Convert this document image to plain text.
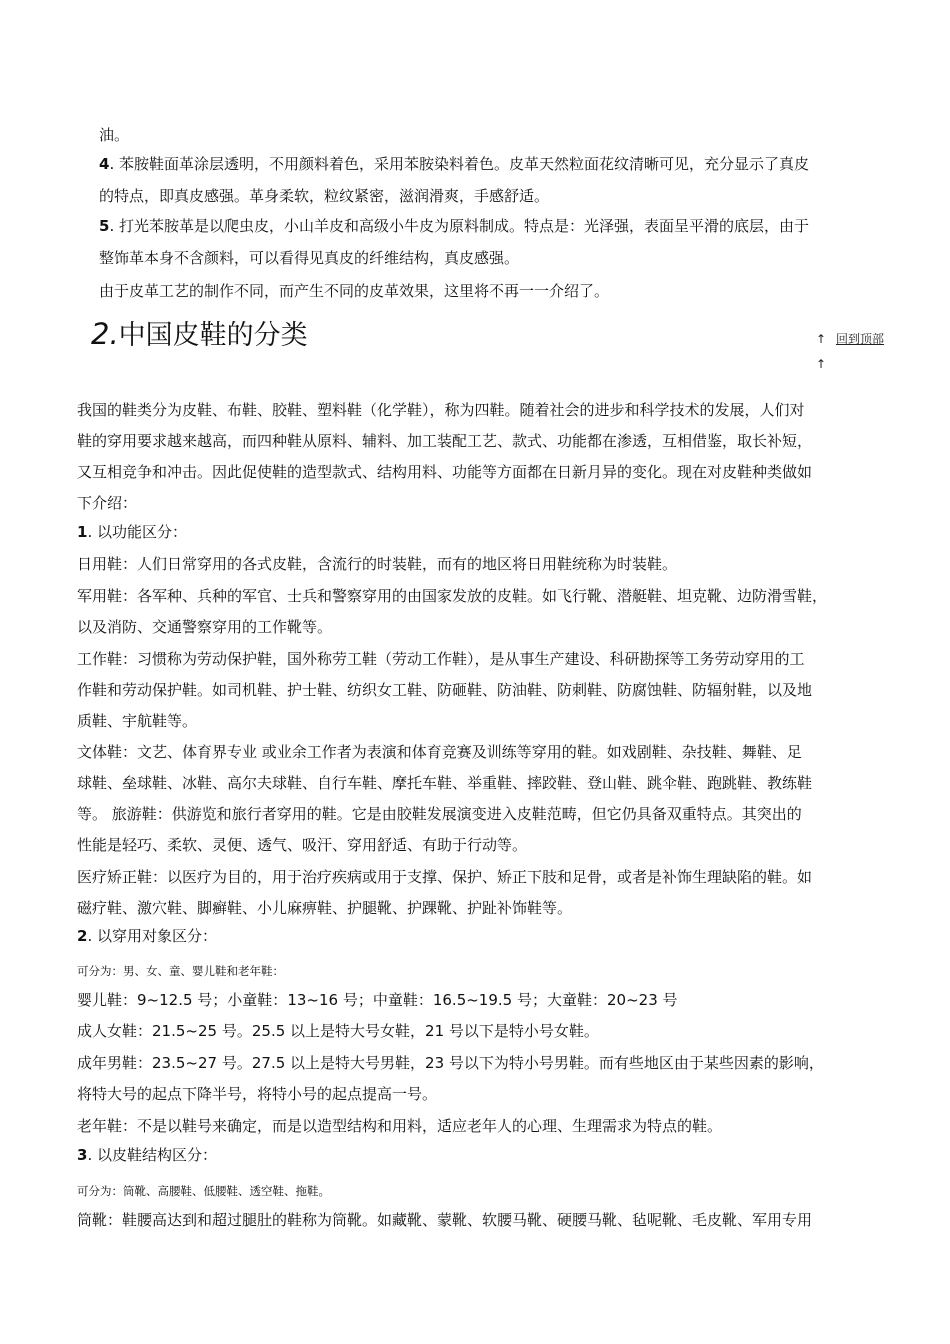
油。

4. 苯胺鞋面革涂层透明，不用颜料着色，采用苯胺染料着色。皮革天然粒面花纹清晰可见，充分显示了真皮

的特点，即真皮感强。革身柔软，粒纹紧密，滋润滑爽，手感舒适。

5. 打光苯胺革是以爬虫皮，小山羊皮和高级小牛皮为原料制成。特点是：光泽强，表面呈平滑的底层，由于

整饰革本身不含颜料，可以看得见真皮的纤维结构，真皮感强。

由于皮革工艺的制作不同，而产生不同的皮革效果，这里将不再一一介绍了。

2.中国皮鞋的分类	↑ 回到顶部
↑

我国的鞋类分为皮鞋、布鞋、胶鞋、塑料鞋（化学鞋），称为四鞋。随着社会的进步和科学技术的发展，人们对

鞋的穿用要求越来越高，而四种鞋从原料、辅料、加工装配工艺、款式、功能都在渗透，互相借鉴，取长补短，

又互相竞争和冲击。因此促使鞋的造型款式、结构用料、功能等方面都在日新月异的变化。现在对皮鞋种类做如

下介绍：

1. 以功能区分：

日用鞋：人们日常穿用的各式皮鞋，含流行的时装鞋，而有的地区将日用鞋统称为时装鞋。

军用鞋：各军种、兵种的军官、士兵和警察穿用的由国家发放的皮鞋。如飞行靴、潜艇鞋、坦克靴、边防滑雪鞋，

以及消防、交通警察穿用的工作靴等。

工作鞋：习惯称为劳动保护鞋，国外称劳工鞋（劳动工作鞋），是从事生产建设、科研勘探等工务劳动穿用的工

作鞋和劳动保护鞋。如司机鞋、护士鞋、纺织女工鞋、防砸鞋、防油鞋、防刺鞋、防腐蚀鞋、防辐射鞋，以及地

质鞋、宇航鞋等。

文体鞋：文艺、体育界专业 或业余工作者为表演和体育竞赛及训练等穿用的鞋。如戏剧鞋、杂技鞋、舞鞋、足

球鞋、垒球鞋、冰鞋、高尔夫球鞋、自行车鞋、摩托车鞋、举重鞋、摔跤鞋、登山鞋、跳伞鞋、跑跳鞋、教练鞋

等。 旅游鞋：供游览和旅行者穿用的鞋。它是由胶鞋发展演变进入皮鞋范畴，但它仍具备双重特点。其突出的

性能是轻巧、柔软、灵便、透气、吸汗、穿用舒适、有助于行动等。

医疗矫正鞋：以医疗为目的，用于治疗疾病或用于支撑、保护、矫正下肢和足骨，或者是补饰生理缺陷的鞋。如

磁疗鞋、激穴鞋、脚癣鞋、小儿麻痹鞋、护腿靴、护踝靴、护趾补饰鞋等。

2. 以穿用对象区分：

可分为：男、女、童、婴儿鞋和老年鞋：

婴儿鞋：9~12.5 号；小童鞋：13~16 号；中童鞋：16.5~19.5 号；大童鞋：20~23 号

成人女鞋：21.5~25 号。25.5 以上是特大号女鞋，21 号以下是特小号女鞋。

成年男鞋：23.5~27 号。27.5 以上是特大号男鞋，23 号以下为特小号男鞋。而有些地区由于某些因素的影响，

将特大号的起点下降半号，将特小号的起点提高一号。

老年鞋：不是以鞋号来确定，而是以造型结构和用料，适应老年人的心理、生理需求为特点的鞋。

3. 以皮鞋结构区分：

可分为：筒靴、高腰鞋、低腰鞋、透空鞋、拖鞋。

筒靴：鞋腰高达到和超过腿肚的鞋称为筒靴。如藏靴、蒙靴、软腰马靴、硬腰马靴、毡呢靴、毛皮靴、军用专用
